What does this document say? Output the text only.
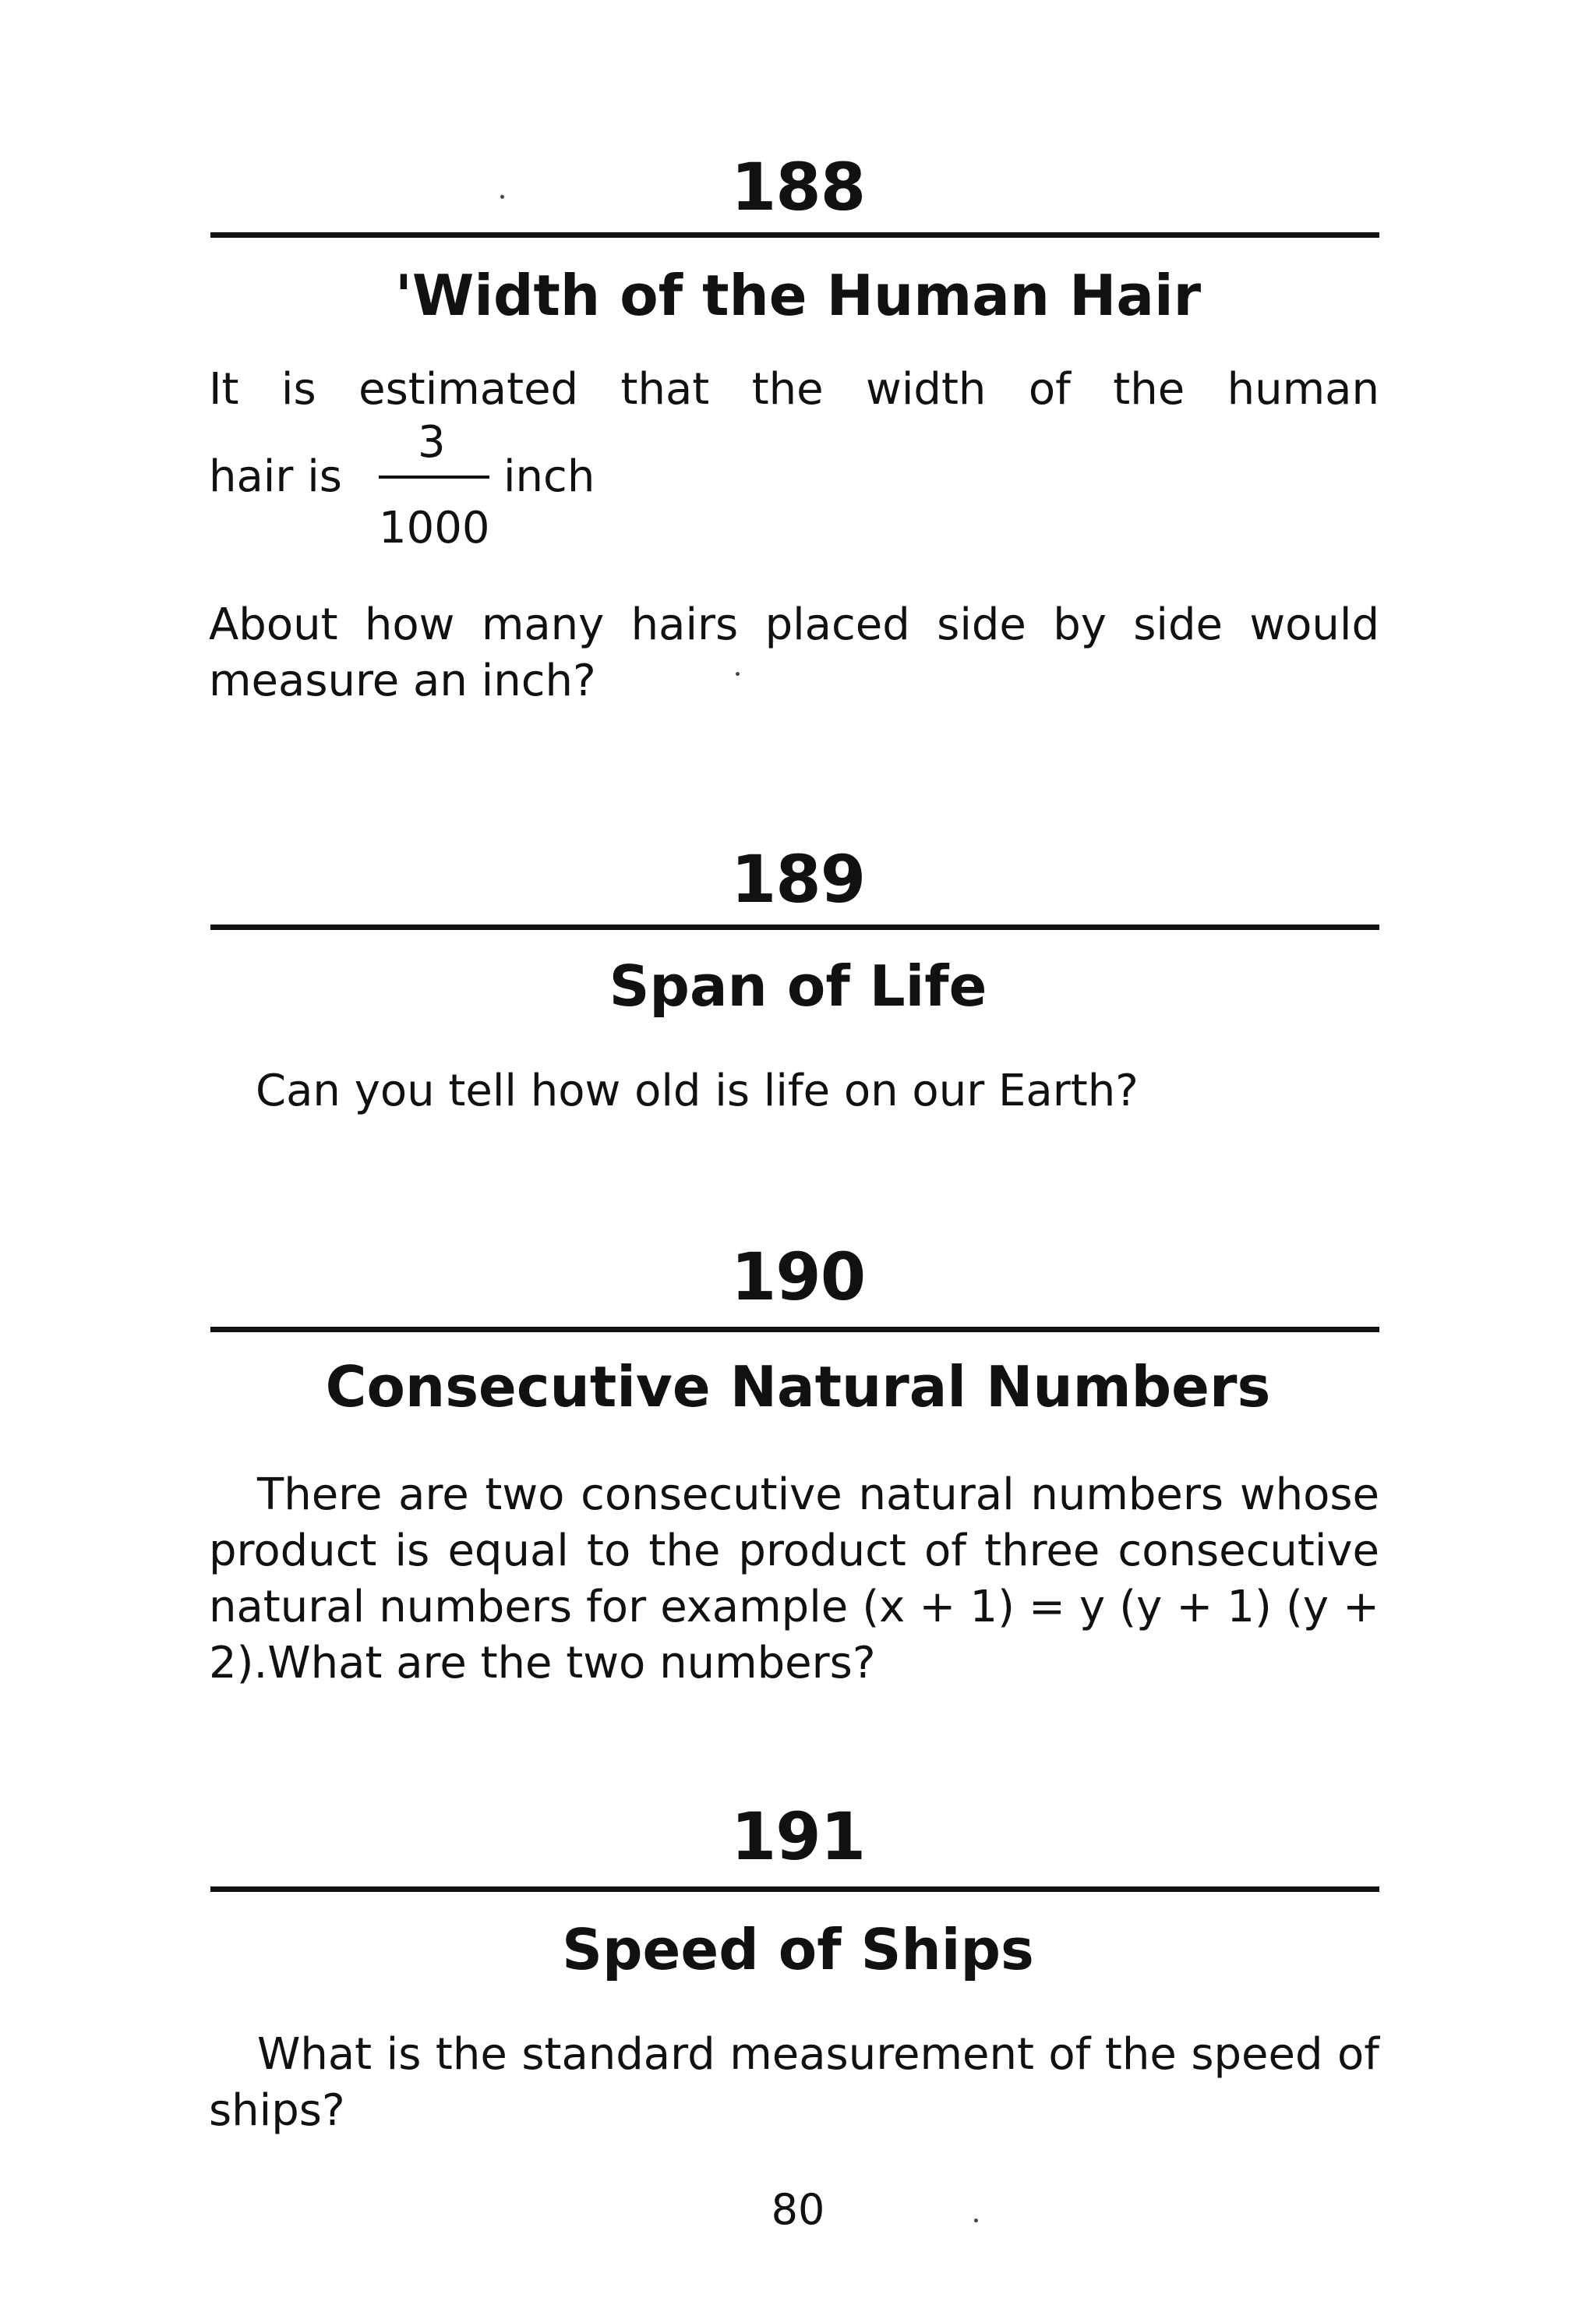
188
'Width of the Human Hair

It is estimated that the width of the human

hair is
3
inch
1000

About how many hairs placed side by side would measure an inch?

189
Span of Life

Can you tell how old is life on our Earth?

190
Consecutive Natural Numbers

There are two consecutive natural numbers whose product is equal to the product of three consecutive natural numbers for example (x + 1) = y (y + 1) (y + 2).What are the two numbers?

191
Speed of Ships

What is the standard measurement of the speed of ships?

80
